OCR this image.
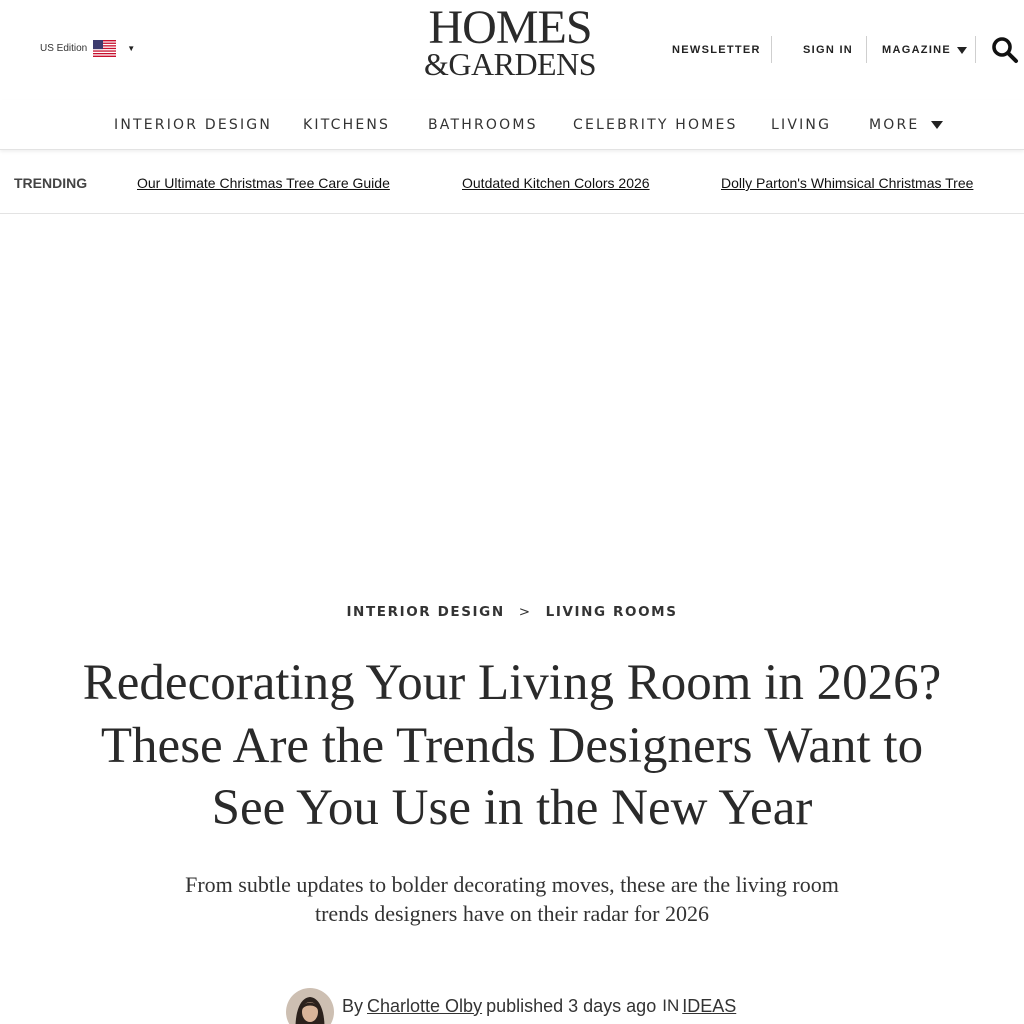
US Edition	▼	HOMES
&GARDENS	NEWSLETTER	SIGN IN	MAGAZINE
INTERIOR DESIGN KITCHENS	BATHROOMS	CELEBRITY HOMES LIVING	MORE
TRENDING	Our Ultimate Christmas Tree Care Guide	Outdated Kitchen Colors 2026	Dolly Parton's Whimsical Christmas Tree
INTERIOR DESIGN > LIVING ROOMS
Redecorating Your Living Room in 2026? These Are the Trends Designers Want to See You Use in the New Year

From subtle updates to bolder decorating moves, these are the living room trends designers have on their radar for 2026

By Charlotte Olby published 3 days ago IN IDEAS
